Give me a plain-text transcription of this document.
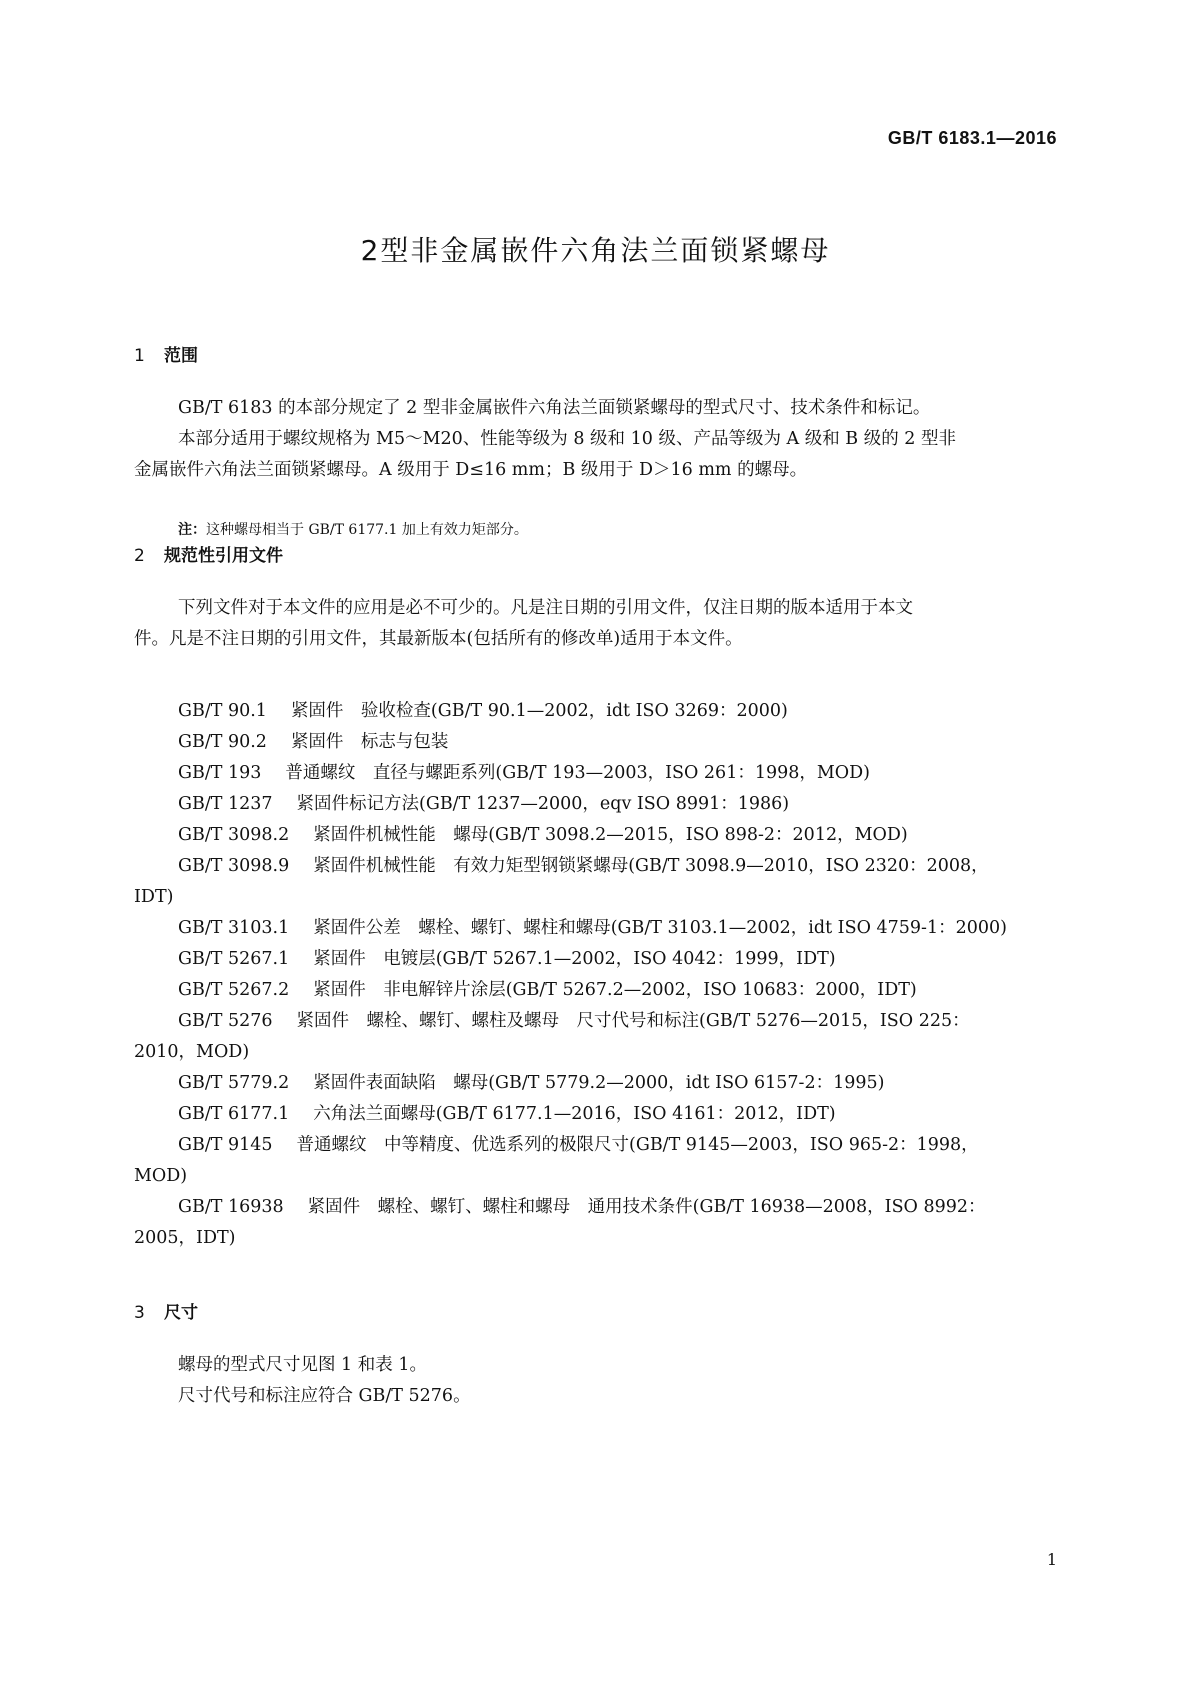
GB/T 6183.1—2016
2型非金属嵌件六角法兰面锁紧螺母
1 范围
GB/T 6183 的本部分规定了 2 型非金属嵌件六角法兰面锁紧螺母的型式尺寸、技术条件和标记。
本部分适用于螺纹规格为 M5～M20、性能等级为 8 级和 10 级、产品等级为 A 级和 B 级的 2 型非
金属嵌件六角法兰面锁紧螺母。A 级用于 D≤16 mm；B 级用于 D＞16 mm 的螺母。
注：这种螺母相当于 GB/T 6177.1 加上有效力矩部分。
2 规范性引用文件
下列文件对于本文件的应用是必不可少的。凡是注日期的引用文件，仅注日期的版本适用于本文
件。凡是不注日期的引用文件，其最新版本(包括所有的修改单)适用于本文件。
GB/T 90.1 紧固件　验收检查(GB/T 90.1—2002，idt ISO 3269：2000)
GB/T 90.2 紧固件　标志与包装
GB/T 193 普通螺纹　直径与螺距系列(GB/T 193—2003，ISO 261：1998，MOD)
GB/T 1237 紧固件标记方法(GB/T 1237—2000，eqv ISO 8991：1986)
GB/T 3098.2 紧固件机械性能　螺母(GB/T 3098.2—2015，ISO 898-2：2012，MOD)
GB/T 3098.9 紧固件机械性能　有效力矩型钢锁紧螺母(GB/T 3098.9—2010，ISO 2320：2008，
IDT)
GB/T 3103.1 紧固件公差　螺栓、螺钉、螺柱和螺母(GB/T 3103.1—2002，idt ISO 4759-1：2000)
GB/T 5267.1 紧固件　电镀层(GB/T 5267.1—2002，ISO 4042：1999，IDT)
GB/T 5267.2 紧固件　非电解锌片涂层(GB/T 5267.2—2002，ISO 10683：2000，IDT)
GB/T 5276 紧固件　螺栓、螺钉、螺柱及螺母　尺寸代号和标注(GB/T 5276—2015，ISO 225：
2010，MOD)
GB/T 5779.2 紧固件表面缺陷　螺母(GB/T 5779.2—2000，idt ISO 6157-2：1995)
GB/T 6177.1 六角法兰面螺母(GB/T 6177.1—2016，ISO 4161：2012，IDT)
GB/T 9145 普通螺纹　中等精度、优选系列的极限尺寸(GB/T 9145—2003，ISO 965-2：1998，
MOD)
GB/T 16938 紧固件　螺栓、螺钉、螺柱和螺母　通用技术条件(GB/T 16938—2008，ISO 8992：
2005，IDT)
3 尺寸
螺母的型式尺寸见图 1 和表 1。
尺寸代号和标注应符合 GB/T 5276。
1
